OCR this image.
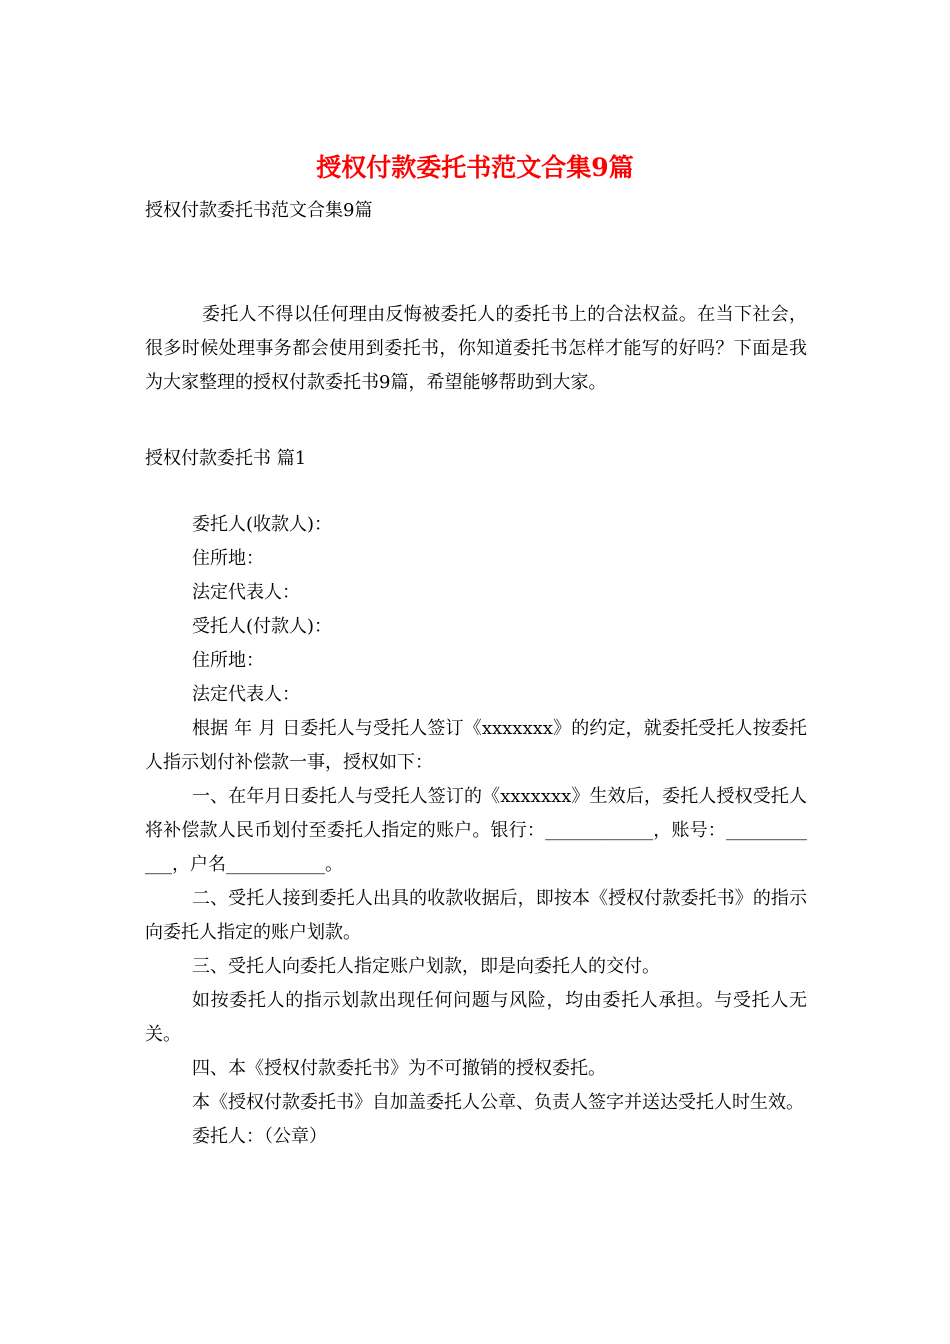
授权付款委托书范文合集9篇
授权付款委托书范文合集9篇

委托人不得以任何理由反悔被委托人的委托书上的合法权益。在当下社会，很多时候处理事务都会使用到委托书，你知道委托书怎样才能写的好吗？下面是我为大家整理的授权付款委托书9篇，希望能够帮助到大家。

授权付款委托书 篇1

委托人(收款人)：

住所地：

法定代表人：

受托人(付款人)：

住所地：

法定代表人：

根据 年 月 日委托人与受托人签订《xxxxxxx》的约定，就委托受托人按委托人指示划付补偿款一事，授权如下：

一、在年月日委托人与受托人签订的《xxxxxxx》生效后，委托人授权受托人将补偿款人民币划付至委托人指定的账户。银行：____________，账号：____________，户名___________。

二、受托人接到委托人出具的收款收据后，即按本《授权付款委托书》的指示向委托人指定的账户划款。

三、受托人向委托人指定账户划款，即是向委托人的交付。

如按委托人的指示划款出现任何问题与风险，均由委托人承担。与受托人无关。

四、本《授权付款委托书》为不可撤销的授权委托。

本《授权付款委托书》自加盖委托人公章、负责人签字并送达受托人时生效。

委托人：（公章）
